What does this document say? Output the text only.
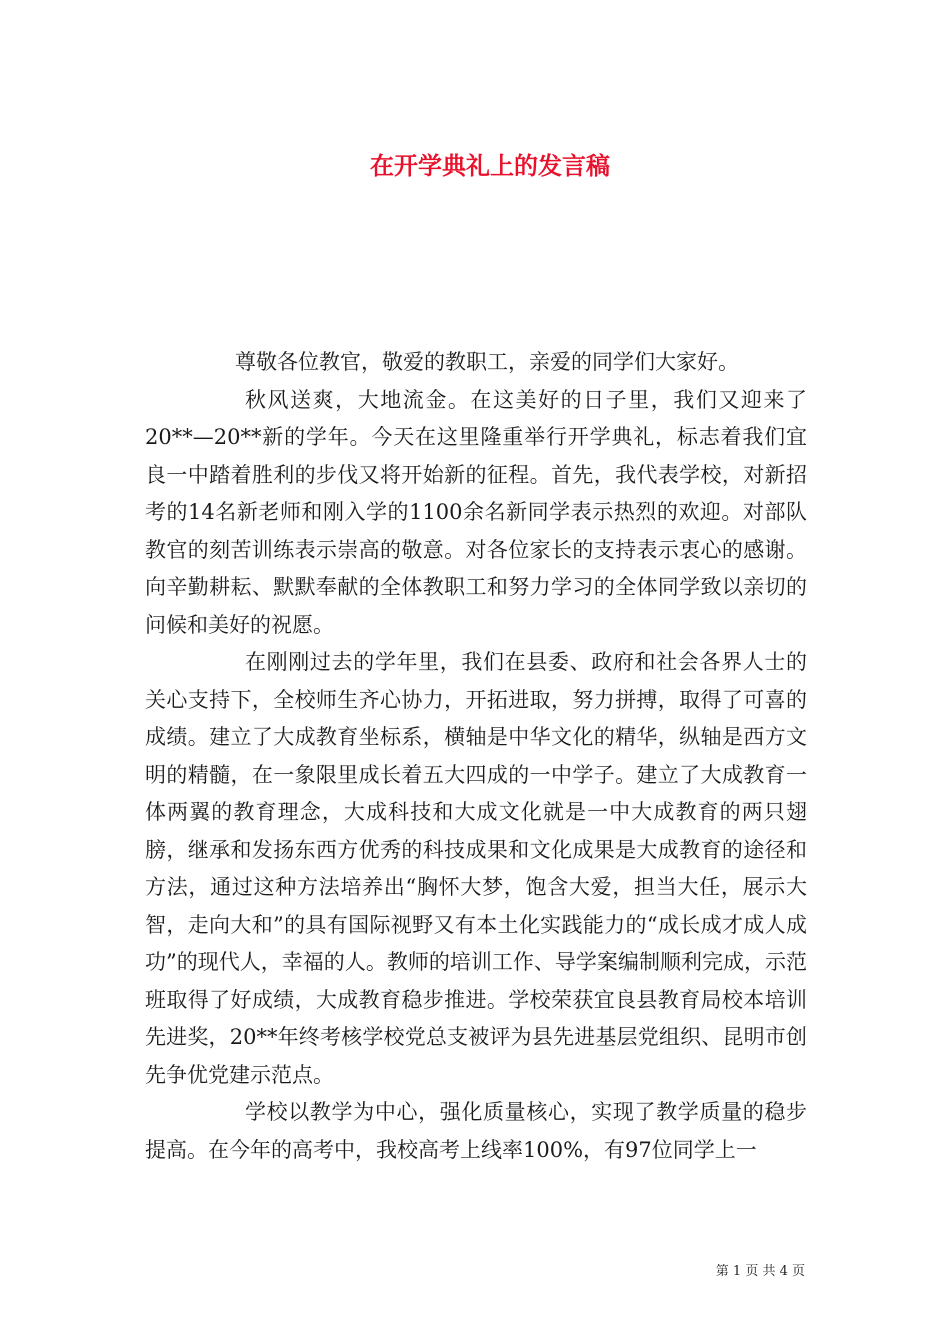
在开学典礼上的发言稿

尊敬各位教官，敬爱的教职工，亲爱的同学们大家好。

秋风送爽，大地流金。在这美好的日子里，我们又迎来了20**—20**新的学年。今天在这里隆重举行开学典礼，标志着我们宜良一中踏着胜利的步伐又将开始新的征程。首先，我代表学校，对新招考的14名新老师和刚入学的1100余名新同学表示热烈的欢迎。对部队教官的刻苦训练表示崇高的敬意。对各位家长的支持表示衷心的感谢。向辛勤耕耘、默默奉献的全体教职工和努力学习的全体同学致以亲切的问候和美好的祝愿。

在刚刚过去的学年里，我们在县委、政府和社会各界人士的关心支持下，全校师生齐心协力，开拓进取，努力拼搏，取得了可喜的成绩。建立了大成教育坐标系，横轴是中华文化的精华，纵轴是西方文明的精髓，在一象限里成长着五大四成的一中学子。建立了大成教育一体两翼的教育理念，大成科技和大成文化就是一中大成教育的两只翅膀，继承和发扬东西方优秀的科技成果和文化成果是大成教育的途径和方法，通过这种方法培养出“胸怀大梦，饱含大爱，担当大任，展示大智，走向大和”的具有国际视野又有本土化实践能力的“成长成才成人成功”的现代人，幸福的人。教师的培训工作、导学案编制顺利完成，示范班取得了好成绩，大成教育稳步推进。学校荣获宜良县教育局校本培训先进奖，20**年终考核学校党总支被评为县先进基层党组织、昆明市创先争优党建示范点。

学校以教学为中心，强化质量核心，实现了教学质量的稳步提高。在今年的高考中，我校高考上线率100%，有97位同学上一

第 1 页 共 4 页
